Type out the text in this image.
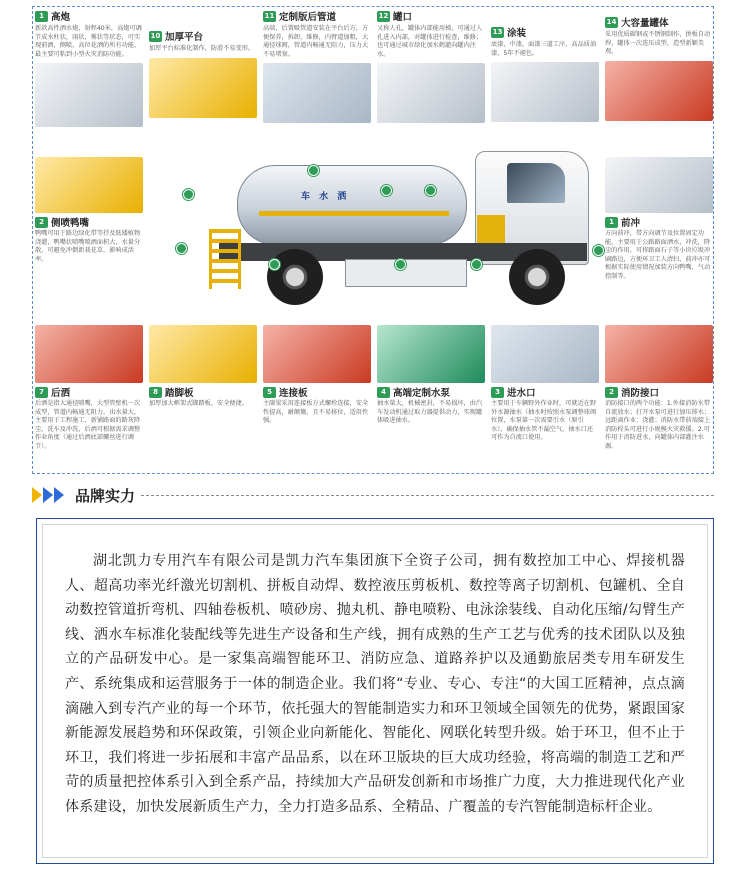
1 高炮
新款高性洒水炮，射程40米，高炮可调节成水柱状，雨状，雾状等状态，可实现前洒，侧喷，高位花洒的所有功能，最主要可粘到小型火灾消防功能。
10 加厚平台
加厚平台标准化制作，防滑不易变形。
11 定制版后管道
高端，后置吸管道安装在平台后方，方便保养，拆卸，维修，内臂道加粗，大通径球阀，管道内畅通无阻力，压力大不易堵塞。
12 罐口
又称人孔，罐体内部能用梯，可通过人孔进入内部，对罐体进行检查，维修；也可通过城市绿化加水鹤灌向罐内注水。
13 涂装
底漆，中漆，面漆三道工序，高品质油漆，5年不褪色。
14 大容量罐体
采用优质碳钢或不锈钢制作，拼板自动焊，罐体一次连压成型，造型新颖美观。
2 侧喷鸭嘴
鸭嘴可用于路边绿化带等抒及低矮植物浇灌，鸭嘴状喷嘴喷洒面积大，水量分散，可避免冲倒新栽花草，影响成活率。
1 前冲
方向前冲，带方向调节及位置固定功能，主要用于公路路面洒水，冲洗，降尘的作用，可将路面石子等小块垃圾冲刷路边，方便环卫工人清扫，前冲亦可根据实际使用情况加装方向鸭嘴，气动控制等。
车 水 洒
7 后洒
后洒是指大通径喷嘴，大型管壁机一次成型，管道内畅通无阻力，出水量大，主要用于工程施工，新铺路面的路灰降尘，洗车及冲洗，后洒可根据需求调整作业角度（通过后洒底部螺丝进行调节）。
8 踏脚板
加厚加大框架式脚踏板，安全便捷。
5 连接板
主副梁采用连接板方式螺栓连接，安全性提高，耐颠簸，且不易移位，适用性强。
4 高端定制水泵
抽水量大，机械密封，不易损坏，由汽车发动机通过取力器提供动力，实现罐体吸进抽水。
3 进水口
主要用于车辆野外作业时，可就近在野外水源抽水（抽水时按照水泵调整球阀位置，水泵第一次需要引水（原引水），确保抽水管不漏空气，抽水口还可作为自流口使用。
2 消防接口
消防接口的两个功能：1.外接消防水带自流放水；打开水泵可进行加压排水；远距离作业：浇灌；消防水带前端接上消防栓头可进行小规模火灾救援。2.可作用于消防进水，向罐体内部灌注水源。
品牌实力

湖北凯力专用汽车有限公司是凯力汽车集团旗下全资子公司，拥有数控加工中心、焊接机器人、超高功率光纤激光切割机、拼板自动焊、数控液压剪板机、数控等离子切割机、包罐机、全自动数控管道折弯机、四轴卷板机、喷砂房、抛丸机、静电喷粉、电泳涂装线、自动化压缩/勾臂生产线、洒水车标准化装配线等先进生产设备和生产线，拥有成熟的生产工艺与优秀的技术团队以及独立的产品研发中心。是一家集高端智能环卫、消防应急、道路养护以及通勤旅居类专用车研发生产、系统集成和运营服务于一体的制造企业。我们将“专业、专心、专注“的大国工匠精神，点点滴滴融入到专汽产业的每一个环节，依托强大的智能制造实力和环卫领域全国领先的优势，紧跟国家新能源发展趋势和环保政策，引领企业向新能化、智能化、网联化转型升级。始于环卫，但不止于环卫，我们将进一步拓展和丰富产品品系，以在环卫版块的巨大成功经验，将高端的制造工艺和严苛的质量把控体系引入到全系产品，持续加大产品研发创新和市场推广力度，大力推进现代化产业体系建设，加快发展新质生产力，全力打造多品系、全精品、广覆盖的专汽智能制造标杆企业。
